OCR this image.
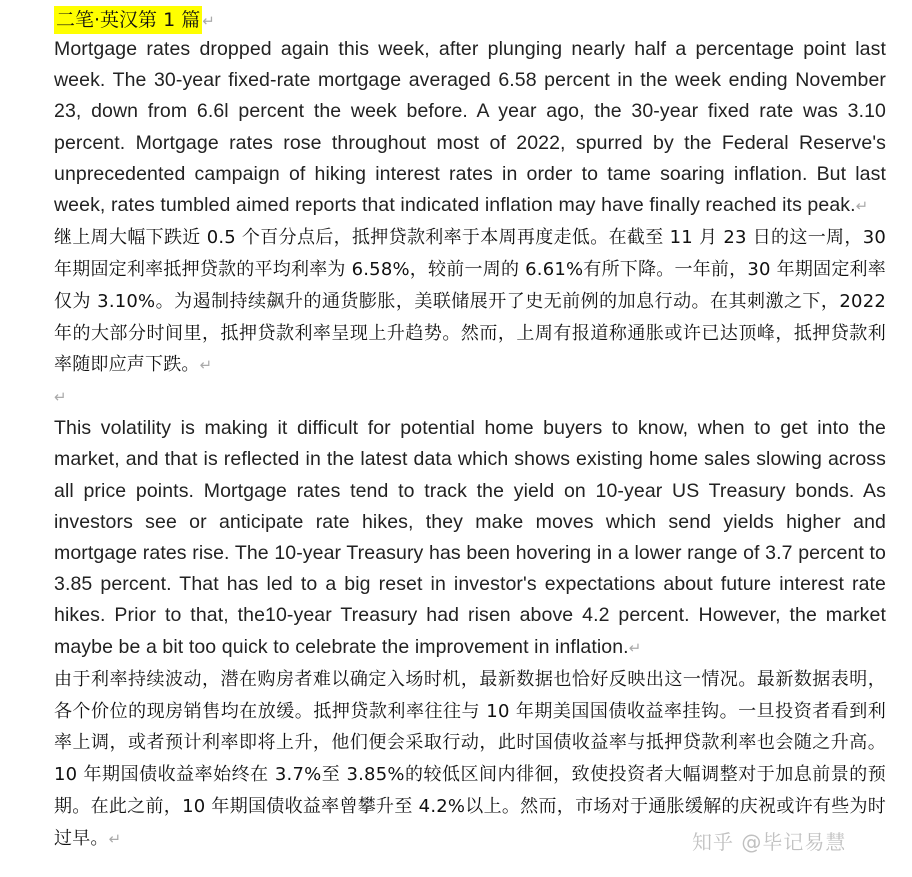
二笔·英汉第 1 篇 ↵

Mortgage rates dropped again this week, after plunging nearly half a percentage point last week. The 30-year fixed-rate mortgage averaged 6.58 percent in the week ending November 23, down from 6.6l percent the week before. A year ago, the 30-year fixed rate was 3.10 percent. Mortgage rates rose throughout most of 2022, spurred by the Federal Reserve's unprecedented campaign of hiking interest rates in order to tame soaring inflation. But last week, rates tumbled aimed reports that indicated inflation may have finally reached its peak.↵

继上周大幅下跌近 0.5 个百分点后，抵押贷款利率于本周再度走低。在截至 11 月 23 日的这一周，30 年期固定利率抵押贷款的平均利率为 6.58%，较前一周的 6.61%有所下降。一年前，30 年期固定利率仅为 3.10%。为遏制持续飙升的通货膨胀，美联储展开了史无前例的加息行动。在其刺激之下，2022 年的大部分时间里，抵押贷款利率呈现上升趋势。然而，上周有报道称通胀或许已达顶峰，抵押贷款利率随即应声下跌。↵

↵

This volatility is making it difficult for potential home buyers to know, when to get into the market, and that is reflected in the latest data which shows existing home sales slowing across all price points. Mortgage rates tend to track the yield on 10-year US Treasury bonds. As investors see or anticipate rate hikes, they make moves which send yields higher and mortgage rates rise. The 10-year Treasury has been hovering in a lower range of 3.7 percent to 3.85 percent. That has led to a big reset in investor's expectations about future interest rate hikes. Prior to that, the10-year Treasury had risen above 4.2 percent. However, the market maybe be a bit too quick to celebrate the improvement in inflation.↵

由于利率持续波动，潜在购房者难以确定入场时机，最新数据也恰好反映出这一情况。最新数据表明，各个价位的现房销售均在放缓。抵押贷款利率往往与 10 年期美国国债收益率挂钩。一旦投资者看到利率上调，或者预计利率即将上升，他们便会采取行动，此时国债收益率与抵押贷款利率也会随之升高。10 年期国债收益率始终在 3.7%至 3.85%的较低区间内徘徊，致使投资者大幅调整对于加息前景的预期。在此之前，10 年期国债收益率曾攀升至 4.2%以上。然而，市场对于通胀缓解的庆祝或许有些为时过早。↵	知乎 @毕记易慧
